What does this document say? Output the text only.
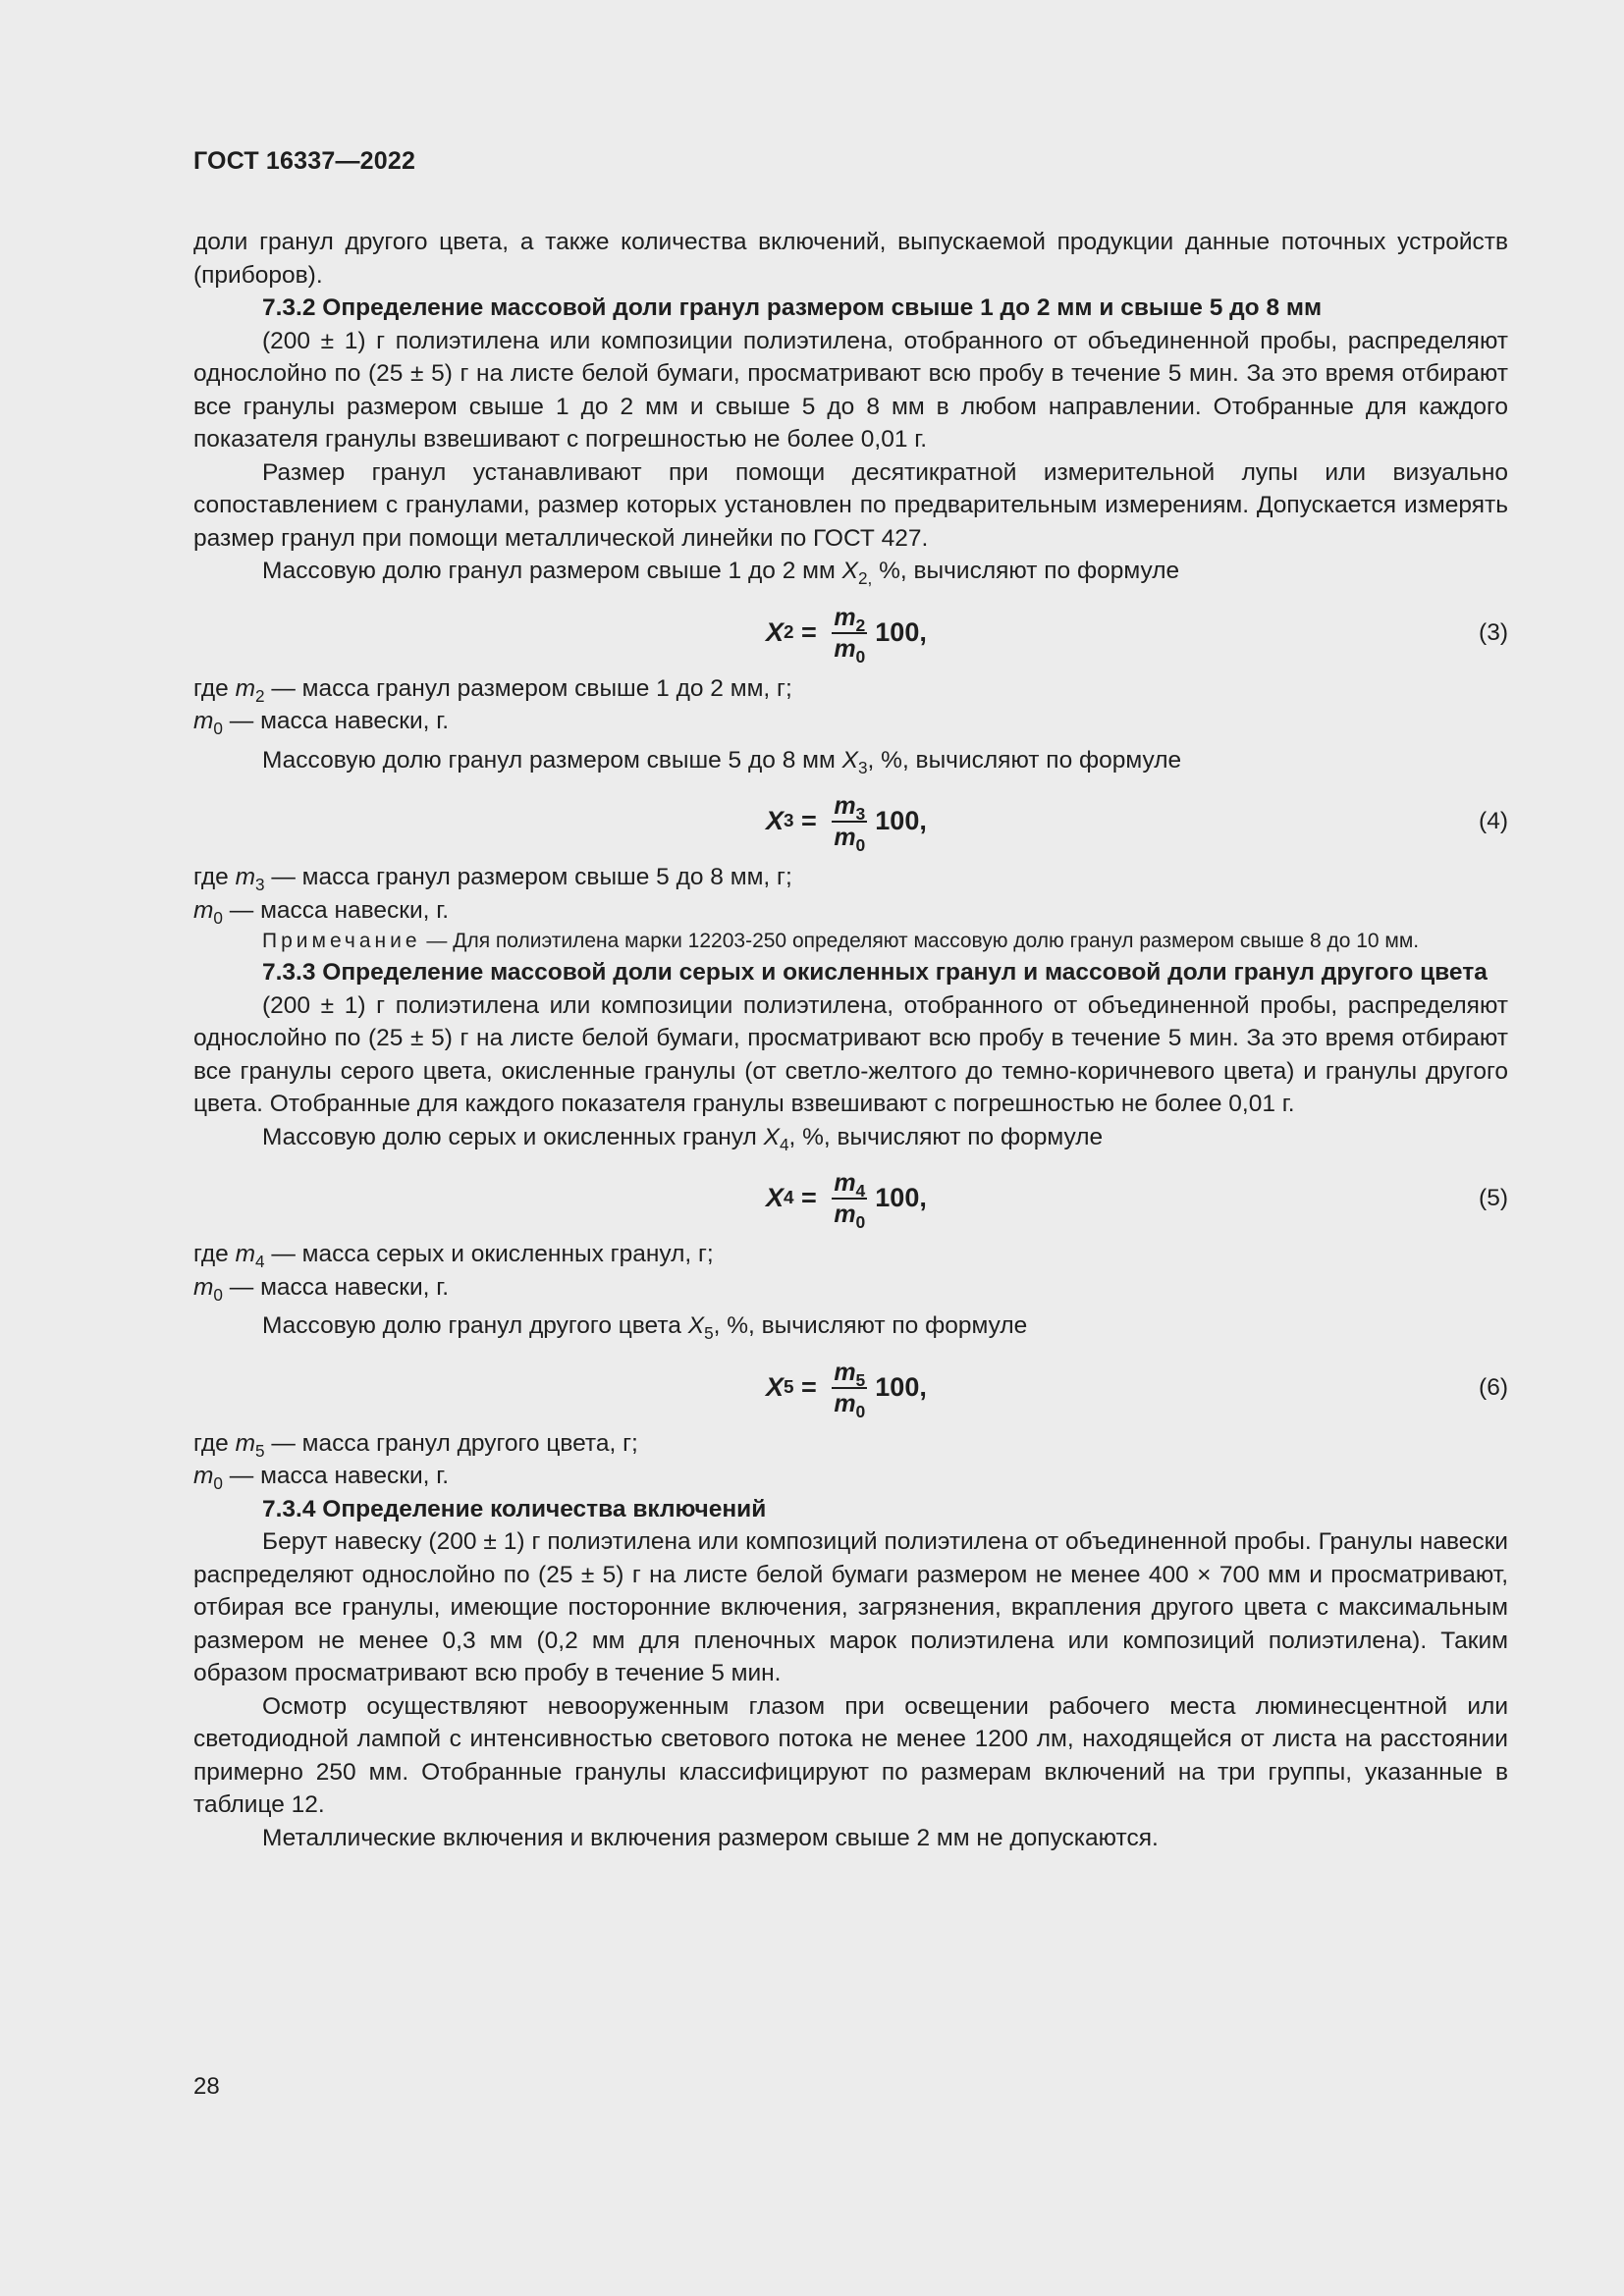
ГОСТ 16337—2022

доли гранул другого цвета, а также количества включений, выпускаемой продукции данные поточных устройств (приборов).

7.3.2 Определение массовой доли гранул размером свыше 1 до 2 мм и свыше 5 до 8 мм

(200 ± 1) г полиэтилена или композиции полиэтилена, отобранного от объединенной пробы, распределяют однослойно по (25 ± 5) г на листе белой бумаги, просматривают всю пробу в течение 5 мин. За это время отбирают все гранулы размером свыше 1 до 2 мм и свыше 5 до 8 мм в любом направлении. Отобранные для каждого показателя гранулы взвешивают с погрешностью не более 0,01 г.

Размер гранул устанавливают при помощи десятикратной измерительной лупы или визуально сопоставлением с гранулами, размер которых установлен по предварительным измерениям. Допускается измерять размер гранул при помощи металлической линейки по ГОСТ 427.

Массовую долю гранул размером свыше 1 до 2 мм $X_{2,}$ %, вычисляют по формуле

X $2 = \frac{m_2}{m_0} 100$,	(3)

где $m_2$ — масса гранул размером свыше 1 до 2 мм, г;

$m_0$ — масса навески, г.

Массовую долю гранул размером свыше 5 до 8 мм $X_3$, %, вычисляют по формуле

X $3 = \frac{m_3}{m_0} 100$,	(4)

где $m_3$ — масса гранул размером свыше 5 до 8 мм, г;

$m_0$ — масса навески, г.

Примечание — Для полиэтилена марки 12203-250 определяют массовую долю гранул размером свыше 8 до 10 мм.

7.3.3 Определение массовой доли серых и окисленных гранул и массовой доли гранул другого цвета

(200 ± 1) г полиэтилена или композиции полиэтилена, отобранного от объединенной пробы, распределяют однослойно по (25 ± 5) г на листе белой бумаги, просматривают всю пробу в течение 5 мин. За это время отбирают все гранулы серого цвета, окисленные гранулы (от светло-желтого до темно-коричневого цвета) и гранулы другого цвета. Отобранные для каждого показателя гранулы взвешивают с погрешностью не более 0,01 г.

Массовую долю серых и окисленных гранул $X_4$, %, вычисляют по формуле

X $4 = \frac{m_4}{m_0} 100$,	(5)

где $m_4$ — масса серых и окисленных гранул, г;

$m_0$ — масса навески, г.

Массовую долю гранул другого цвета $X_5$, %, вычисляют по формуле

X $5 = \frac{m_5}{m_0} 100$,	(6)

где $m_5$ — масса гранул другого цвета, г;

$m_0$ — масса навески, г.

7.3.4 Определение количества включений

Берут навеску (200 ± 1) г полиэтилена или композиций полиэтилена от объединенной пробы. Гранулы навески распределяют однослойно по (25 ± 5) г на листе белой бумаги размером не менее 400 × 700 мм и просматривают, отбирая все гранулы, имеющие посторонние включения, загрязнения, вкрапления другого цвета с максимальным размером не менее 0,3 мм (0,2 мм для пленочных марок полиэтилена или композиций полиэтилена). Таким образом просматривают всю пробу в течение 5 мин.

Осмотр осуществляют невооруженным глазом при освещении рабочего места люминесцентной или светодиодной лампой с интенсивностью светового потока не менее 1200 лм, находящейся от листа на расстоянии примерно 250 мм. Отобранные гранулы классифицируют по размерам включений на три группы, указанные в таблице 12.

Металлические включения и включения размером свыше 2 мм не допускаются.

28
